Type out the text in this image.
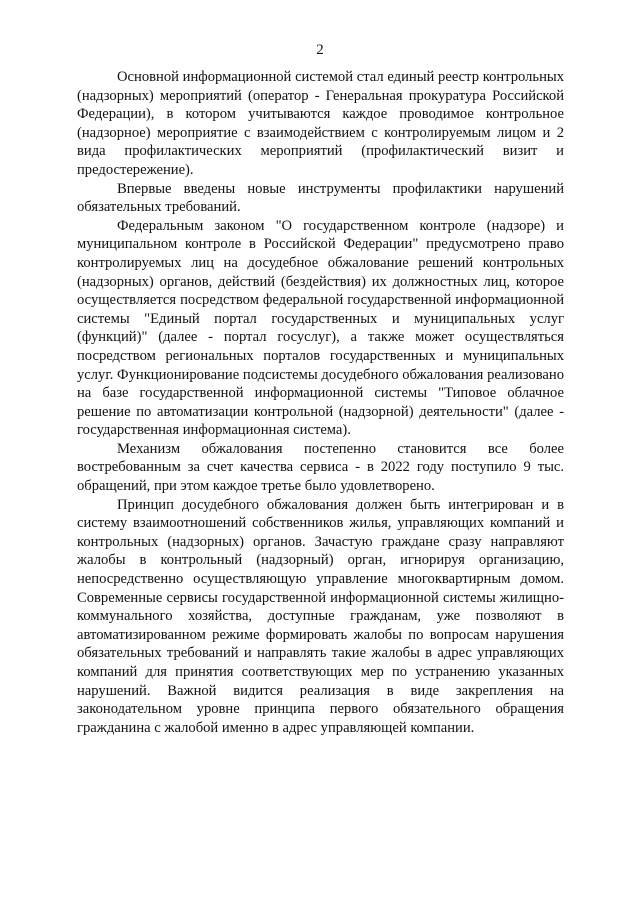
2

Основной информационной системой стал единый реестр контрольных (надзорных) мероприятий (оператор - Генеральная прокуратура Российской Федерации), в котором учитываются каждое проводимое контрольное (надзорное) мероприятие с взаимодействием с контролируемым лицом и 2 вида профилактических мероприятий (профилактический визит и предостережение).

Впервые введены новые инструменты профилактики нарушений обязательных требований.

Федеральным законом "О государственном контроле (надзоре) и муниципальном контроле в Российской Федерации" предусмотрено право контролируемых лиц на досудебное обжалование решений контрольных (надзорных) органов, действий (бездействия) их должностных лиц, которое осуществляется посредством федеральной государственной информационной системы "Единый портал государственных и муниципальных услуг (функций)" (далее - портал госуслуг), а также может осуществляться посредством региональных порталов государственных и муниципальных услуг. Функционирование подсистемы досудебного обжалования реализовано на базе государственной информационной системы "Типовое облачное решение по автоматизации контрольной (надзорной) деятельности" (далее - государственная информационная система).

Механизм обжалования постепенно становится все более востребованным за счет качества сервиса - в 2022 году поступило 9 тыс. обращений, при этом каждое третье было удовлетворено.

Принцип досудебного обжалования должен быть интегрирован и в систему взаимоотношений собственников жилья, управляющих компаний и контрольных (надзорных) органов. Зачастую граждане сразу направляют жалобы в контрольный (надзорный) орган, игнорируя организацию, непосредственно осуществляющую управление многоквартирным домом. Современные сервисы государственной информационной системы жилищно-коммунального хозяйства, доступные гражданам, уже позволяют в автоматизированном режиме формировать жалобы по вопросам нарушения обязательных требований и направлять такие жалобы в адрес управляющих компаний для принятия соответствующих мер по устранению указанных нарушений. Важной видится реализация в виде закрепления на законодательном уровне принципа первого обязательного обращения гражданина с жалобой именно в адрес управляющей компании.
